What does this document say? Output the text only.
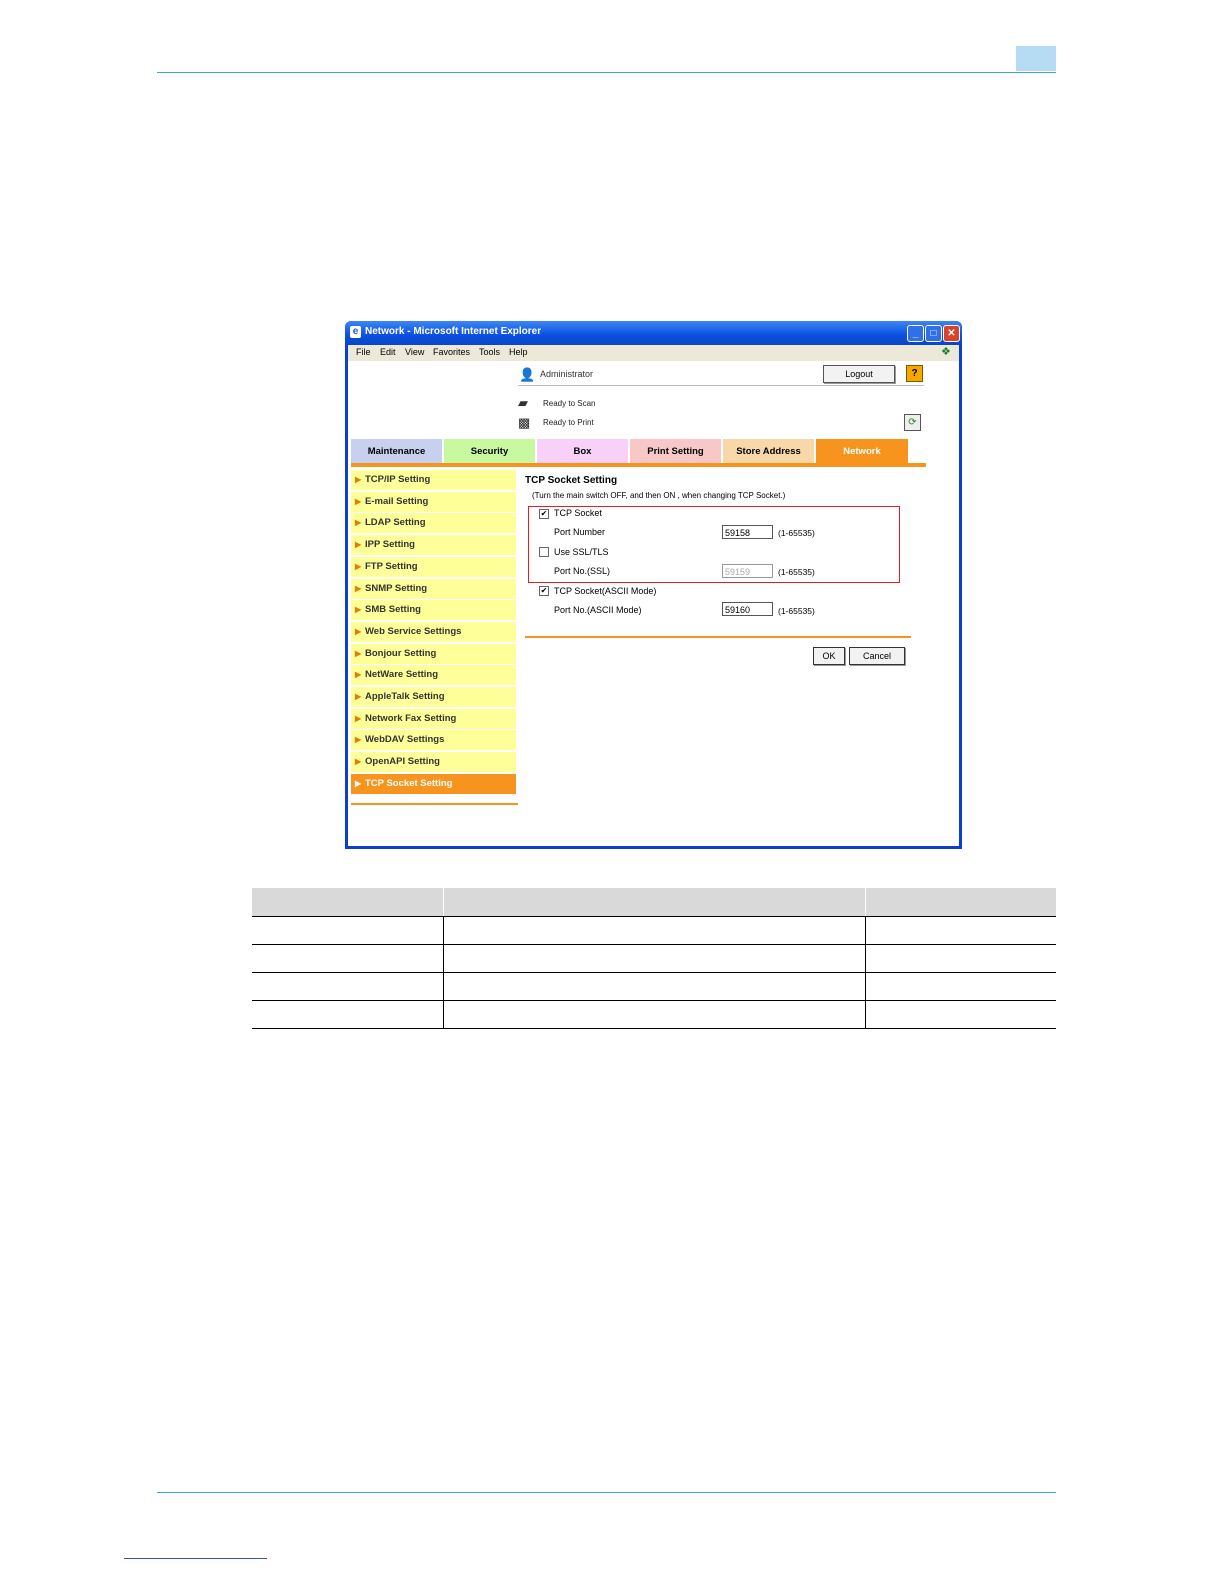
e Network - Microsoft Internet Explorer	_	□	✕
File Edit View Favorites Tools Help	❖
👤 Administrator	Logout	?
▰	Ready to Scan
▩	Ready to Print	⟳
Maintenance	Security	Box	Print Setting	Store Address	Network
▶ TCP/IP Setting
▶ E-mail Setting
▶ LDAP Setting
▶ IPP Setting
▶ FTP Setting
▶ SNMP Setting
▶ SMB Setting
▶ Web Service Settings
▶ Bonjour Setting
▶ NetWare Setting
▶ AppleTalk Setting
▶ Network Fax Setting
▶ WebDAV Settings
▶ OpenAPI Setting
▶ TCP Socket Setting
TCP Socket Setting
(Turn the main switch OFF, and then ON , when changing TCP Socket.)
✔ TCP Socket
Port Number	59158	(1-65535)
Use SSL/TLS
Port No.(SSL)	59159	(1-65535)
✔ TCP Socket(ASCII Mode)
Port No.(ASCII Mode)	59160	(1-65535)
OK	Cancel
